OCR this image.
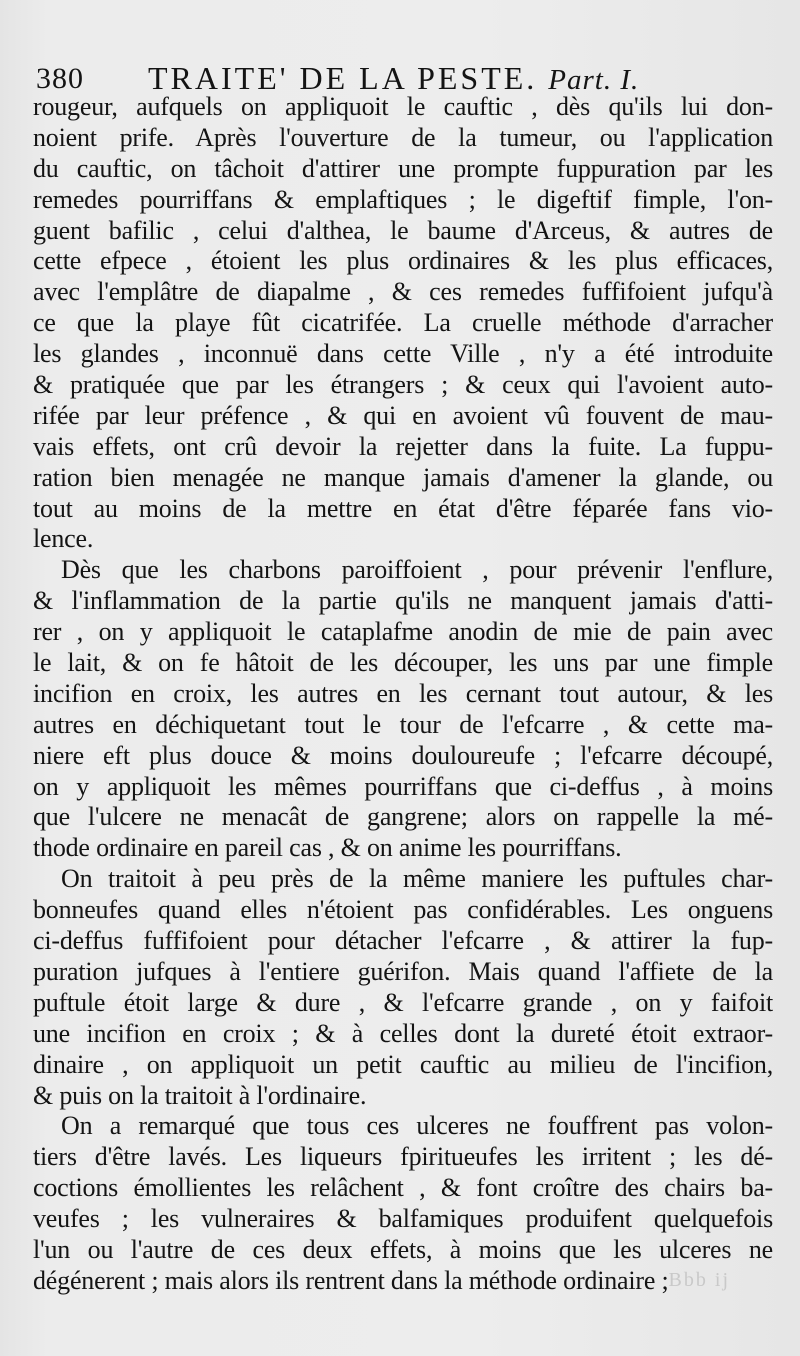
380 TRAITE' DE LA PESTE. Part. I.
rougeur, aufquels on appliquoit le cauftic , dès qu'ils lui don-
noient prife. Après l'ouverture de la tumeur, ou l'application
du cauftic, on tâchoit d'attirer une prompte fuppuration par les
remedes pourriffans & emplaftiques ; le digeftif fimple, l'on-
guent bafilic , celui d'althea, le baume d'Arceus, & autres de
cette efpece , étoient les plus ordinaires & les plus efficaces,
avec l'emplâtre de diapalme , & ces remedes fuffifoient jufqu'à
ce que la playe fût cicatrifée. La cruelle méthode d'arracher
les glandes , inconnuë dans cette Ville , n'y a été introduite
& pratiquée que par les étrangers ; & ceux qui l'avoient auto-
rifée par leur préfence , & qui en avoient vû fouvent de mau-
vais effets, ont crû devoir la rejetter dans la fuite. La fuppu-
ration bien menagée ne manque jamais d'amener la glande, ou
tout au moins de la mettre en état d'être féparée fans vio-
lence.
Dès que les charbons paroiffoient , pour prévenir l'enflure,
& l'inflammation de la partie qu'ils ne manquent jamais d'atti-
rer , on y appliquoit le cataplafme anodin de mie de pain avec
le lait, & on fe hâtoit de les découper, les uns par une fimple
incifion en croix, les autres en les cernant tout autour, & les
autres en déchiquetant tout le tour de l'efcarre , & cette ma-
niere eft plus douce & moins douloureufe ; l'efcarre découpé,
on y appliquoit les mêmes pourriffans que ci-deffus , à moins
que l'ulcere ne menacât de gangrene; alors on rappelle la mé-
thode ordinaire en pareil cas , & on anime les pourriffans.
On traitoit à peu près de la même maniere les puftules char-
bonneufes quand elles n'étoient pas confidérables. Les onguens
ci-deffus fuffifoient pour détacher l'efcarre , & attirer la fup-
puration jufques à l'entiere guérifon. Mais quand l'affiete de la
puftule étoit large & dure , & l'efcarre grande , on y faifoit
une incifion en croix ; & à celles dont la dureté étoit extraor-
dinaire , on appliquoit un petit cauftic au milieu de l'incifion,
& puis on la traitoit à l'ordinaire.
On a remarqué que tous ces ulceres ne fouffrent pas volon-
tiers d'être lavés. Les liqueurs fpiritueufes les irritent ; les dé-
coctions émollientes les relâchent , & font croître des chairs ba-
veufes ; les vulneraires & balfamiques produifent quelquefois
l'un ou l'autre de ces deux effets, à moins que les ulceres ne
dégénerent ; mais alors ils rentrent dans la méthode ordinaire ; Bbb ij
